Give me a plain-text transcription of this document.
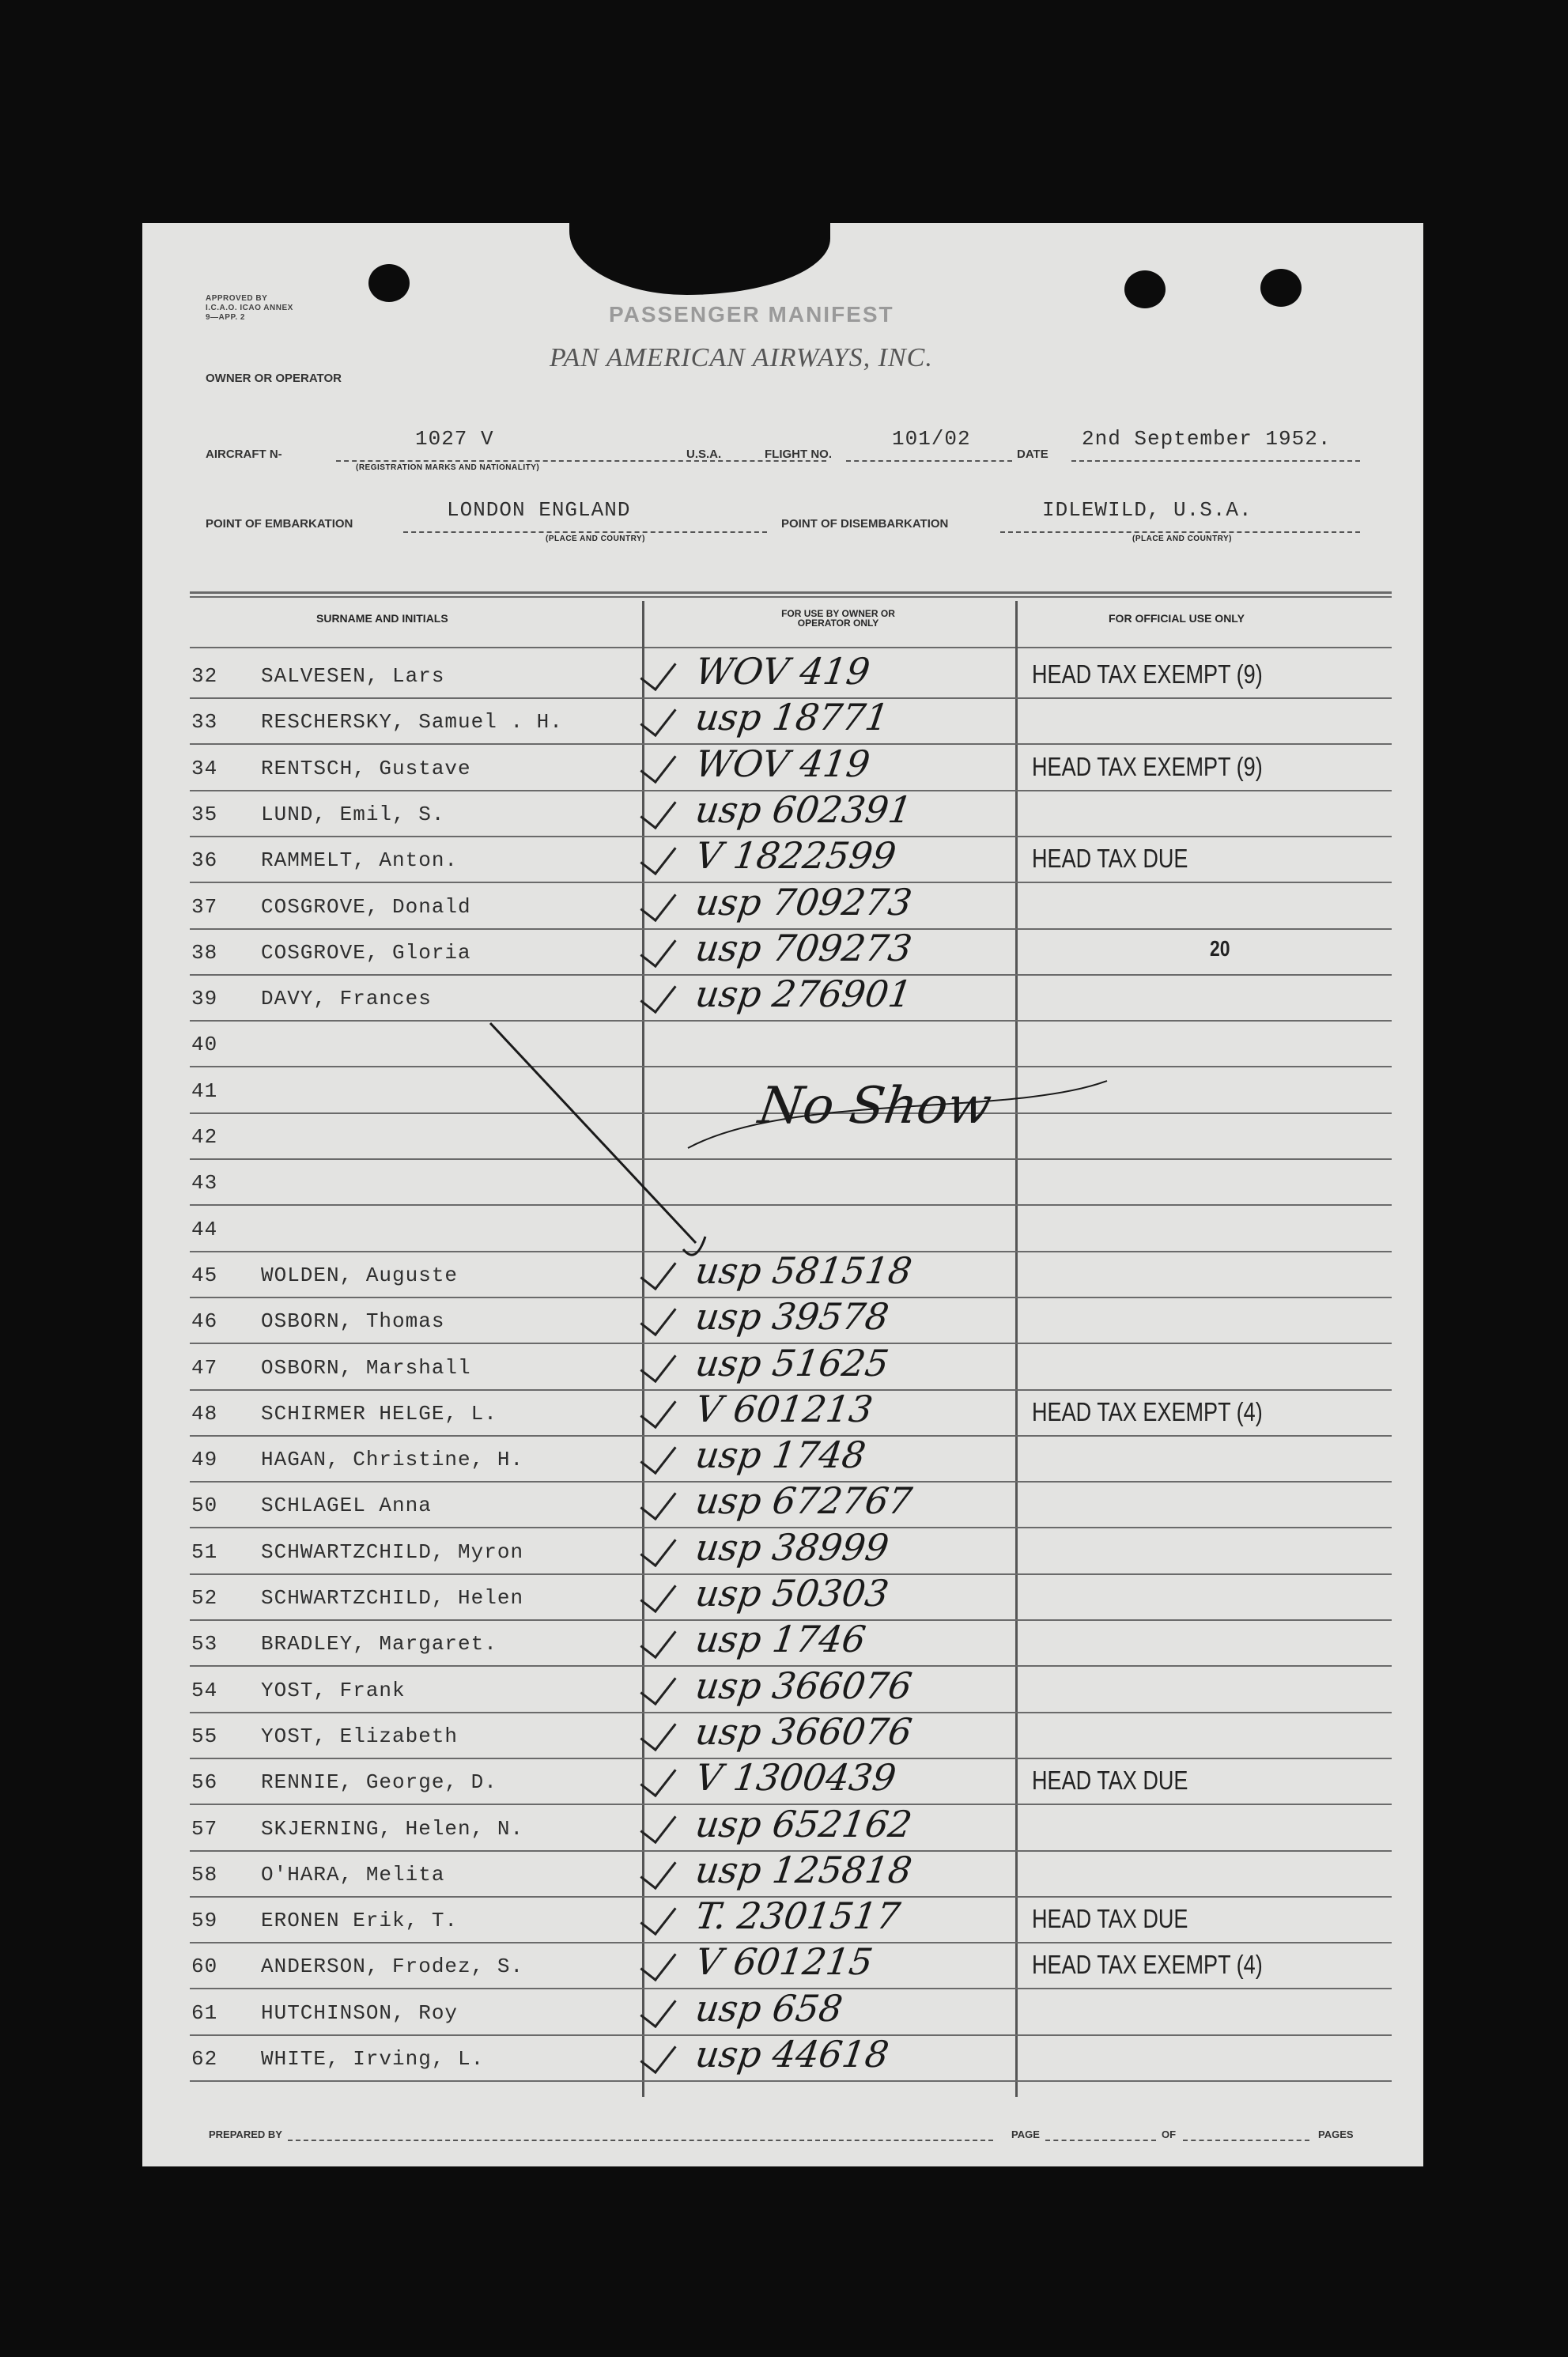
APPROVED BY I.C.A.O. ICAO ANNEX 9—APP. 2	PASSENGER MANIFEST
OWNER OR OPERATOR
PAN AMERICAN AIRWAYS, INC.
AIRCRAFT N-
1027 V
(REGISTRATION MARKS AND NATIONALITY)
U.S.A.	FLIGHT NO.
101/02
DATE
2nd September 1952.
POINT OF EMBARKATION
LONDON ENGLAND
(PLACE AND COUNTRY)
POINT OF DISEMBARKATION
IDLEWILD, U.S.A.
(PLACE AND COUNTRY)
SURNAME AND INITIALS	FOR USE BY OWNER OR OPERATOR ONLY	FOR OFFICIAL USE ONLY
32 SALVESEN, Lars	WOV 419	HEAD TAX EXEMPT (9)
33 RESCHERSKY, Samuel . H.	usp 18771
34 RENTSCH, Gustave	WOV 419	HEAD TAX EXEMPT (9)
35 LUND, Emil, S.	usp 602391
36 RAMMELT, Anton.	V 1822599	HEAD TAX DUE
37 COSGROVE, Donald	usp 709273
38 COSGROVE, Gloria	usp 709273	20
39 DAVY, Frances	usp 276901
40
41
42
43
44
45 WOLDEN, Auguste	usp 581518
46 OSBORN, Thomas	usp 39578
47 OSBORN, Marshall	usp 51625
48 SCHIRMER HELGE, L.	V 601213	HEAD TAX EXEMPT (4)
49 HAGAN, Christine, H.	usp 1748
50 SCHLAGEL Anna	usp 672767
51 SCHWARTZCHILD, Myron	usp 38999
52 SCHWARTZCHILD, Helen	usp 50303
53 BRADLEY, Margaret.	usp 1746
54 YOST, Frank	usp 366076
55 YOST, Elizabeth	usp 366076
56 RENNIE, George, D.	V 1300439	HEAD TAX DUE
57 SKJERNING, Helen, N.	usp 652162
58 O'HARA, Melita	usp 125818
59 ERONEN Erik, T.	T. 2301517	HEAD TAX DUE
60 ANDERSON, Frodez, S.	V 601215	HEAD TAX EXEMPT (4)
61 HUTCHINSON, Roy	usp 658
62 WHITE, Irving, L.	usp 44618
No Show
PREPARED BY	PAGE	OF	PAGES
